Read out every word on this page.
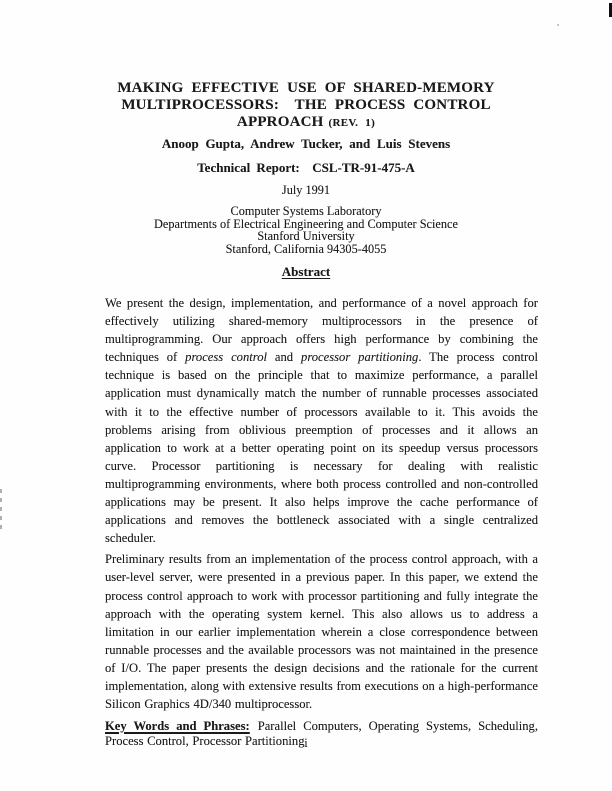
MAKING EFFECTIVE USE OF SHARED-MEMORY
MULTIPROCESSORS:  THE PROCESS CONTROL
APPROACH (REV. 1)
Anoop Gupta, Andrew Tucker, and Luis Stevens
Technical Report:  CSL-TR-91-475-A
July 1991
Computer Systems Laboratory
Departments of Electrical Engineering and Computer Science
Stanford University
Stanford, California 94305-4055
Abstract

We present the design, implementation, and performance of a novel approach for effectively utilizing shared-memory multiprocessors in the presence of multiprogramming. Our approach offers high performance by combining the techniques of process control and processor partitioning. The process control technique is based on the principle that to maximize performance, a parallel application must dynamically match the number of runnable processes associated with it to the effective number of processors available to it. This avoids the problems arising from oblivious preemption of processes and it allows an application to work at a better operating point on its speedup versus processors curve. Processor partitioning is necessary for dealing with realistic multiprogramming environments, where both process controlled and non-controlled applications may be present. It also helps improve the cache performance of applications and removes the bottleneck associated with a single centralized scheduler.

Preliminary results from an implementation of the process control approach, with a user-level server, were presented in a previous paper. In this paper, we extend the process control approach to work with processor partitioning and fully integrate the approach with the operating system kernel. This also allows us to address a limitation in our earlier implementation wherein a close correspondence between runnable processes and the available processors was not maintained in the presence of I/O. The paper presents the design decisions and the rationale for the current implementation, along with extensive results from executions on a high-performance Silicon Graphics 4D/340 multiprocessor.

Key Words and Phrases: Parallel Computers, Operating Systems, Scheduling, Process Control, Processor Partitioning i
